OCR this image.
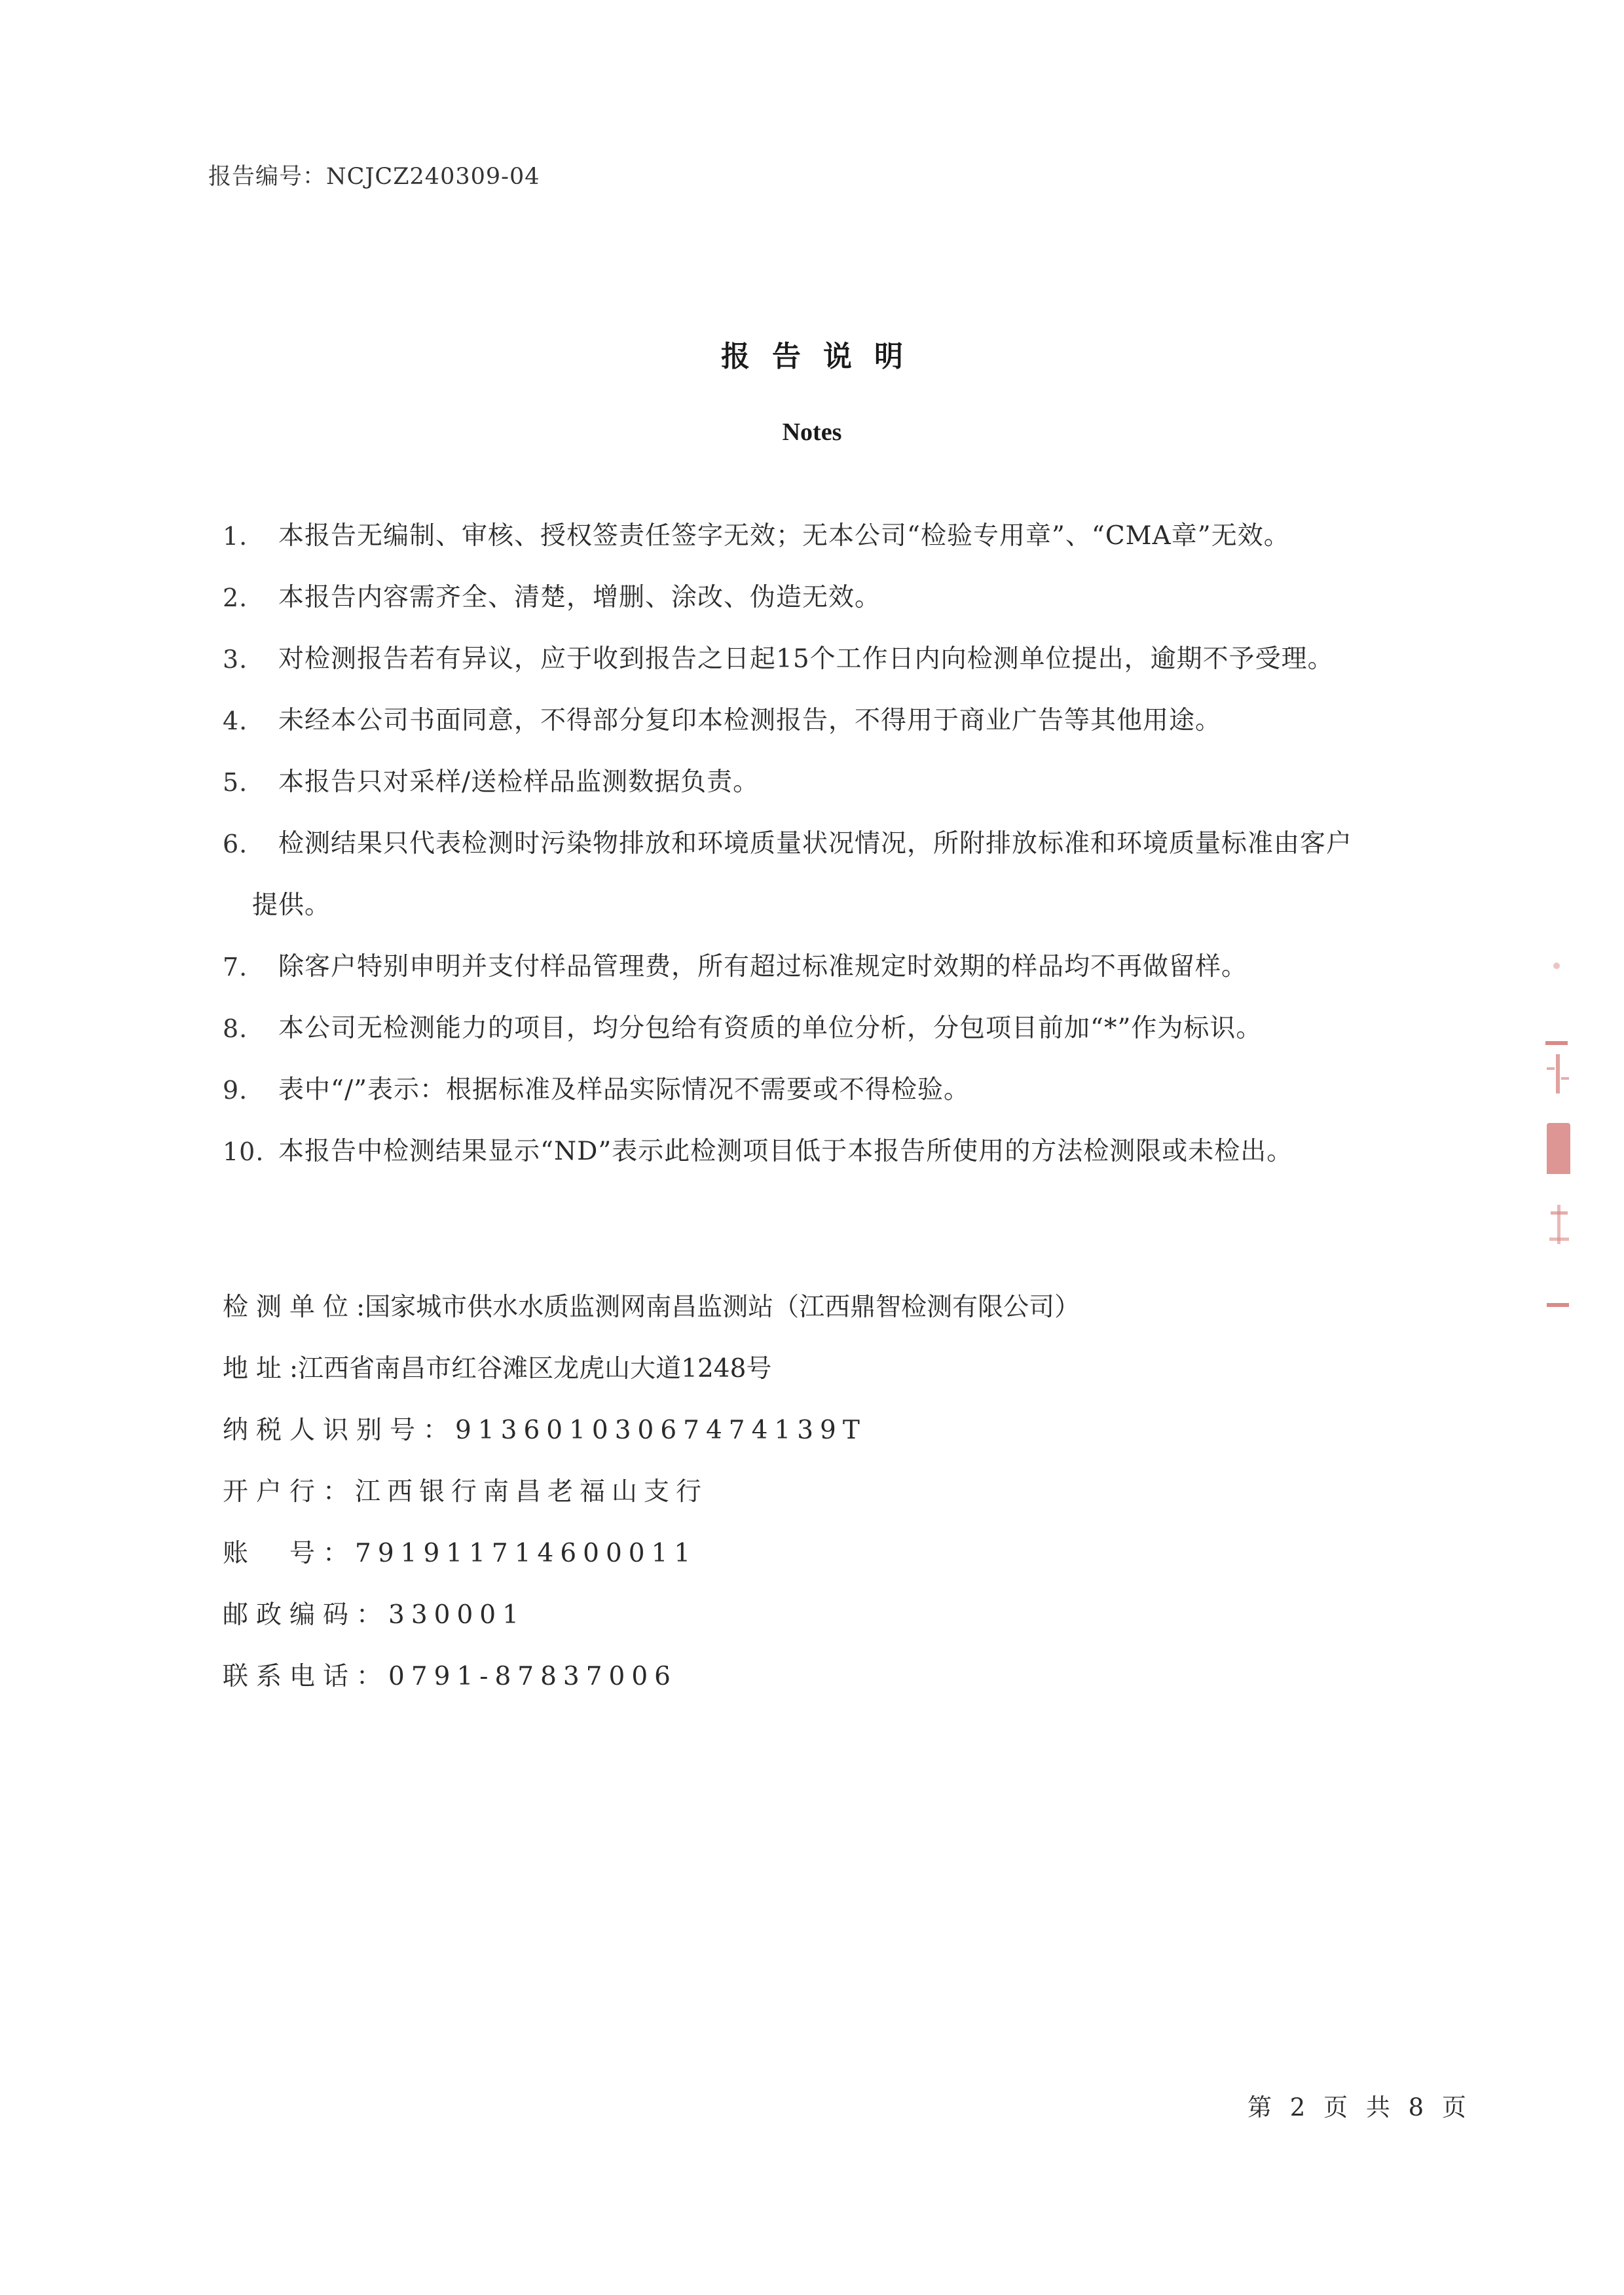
报告编号：NCJCZ240309-04
报告说明
Notes
1. 本报告无编制、审核、授权签责任签字无效；无本公司“检验专用章”、“CMA章”无效。
2. 本报告内容需齐全、清楚，增删、涂改、伪造无效。
3. 对检测报告若有异议，应于收到报告之日起15个工作日内向检测单位提出，逾期不予受理。
4. 未经本公司书面同意，不得部分复印本检测报告，不得用于商业广告等其他用途。
5. 本报告只对采样/送检样品监测数据负责。
6. 检测结果只代表检测时污染物排放和环境质量状况情况，所附排放标准和环境质量标准由客户
提供。
7. 除客户特别申明并支付样品管理费，所有超过标准规定时效期的样品均不再做留样。
8. 本公司无检测能力的项目，均分包给有资质的单位分析，分包项目前加“*”作为标识。
9. 表中“/”表示：根据标准及样品实际情况不需要或不得检验。
10. 本报告中检测结果显示“ND”表示此检测项目低于本报告所使用的方法检测限或未检出。
检测单位:国家城市供水水质监测网南昌监测站（江西鼎智检测有限公司）
地址:江西省南昌市红谷滩区龙虎山大道1248号
纳税人识别号：913601030674741​39T
开户行：江西银行南昌老福山支行
账　号：791911714600011
邮政编码：330001
联系电话：0791-87837006
第 2 页 共 8 页
